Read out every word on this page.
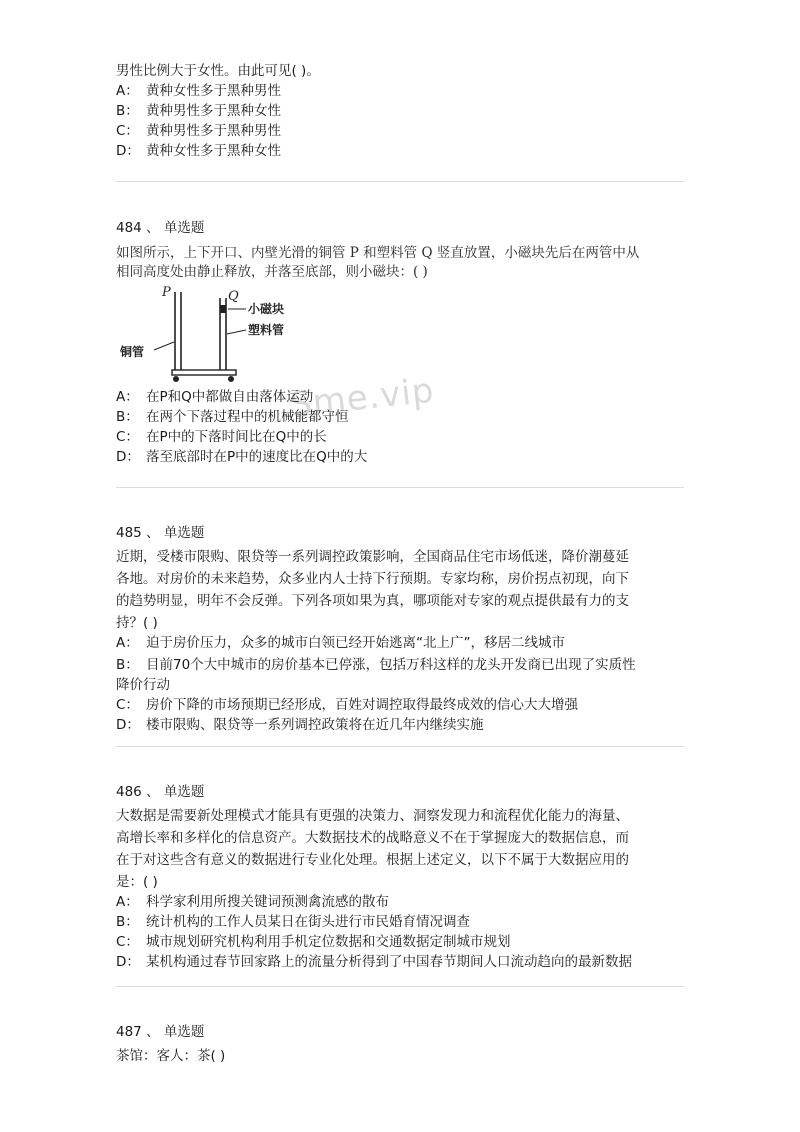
男性比例大于女性。由此可见( )。
A： 黄种女性多于黑种男性
B： 黄种男性多于黑种女性
C： 黄种男性多于黑种男性
D： 黄种女性多于黑种女性
484 、 单选题
如图所示，上下开口、内壁光滑的铜管 P 和塑料管 Q 竖直放置，小磁块先后在两管中从
相同高度处由静止释放，并落至底部，则小磁块：( )
P	Q
小磁块
塑料管
铜管
Sme.vip
A： 在P和Q中都做自由落体运动
B： 在两个下落过程中的机械能都守恒
C： 在P中的下落时间比在Q中的长
D： 落至底部时在P中的速度比在Q中的大
485 、 单选题
近期，受楼市限购、限贷等一系列调控政策影响，全国商品住宅市场低迷，降价潮蔓延
各地。对房价的未来趋势，众多业内人士持下行预期。专家均称，房价拐点初现，向下
的趋势明显，明年不会反弹。下列各项如果为真，哪项能对专家的观点提供最有力的支
持？( )
A： 迫于房价压力，众多的城市白领已经开始逃离“北上广”，移居二线城市
B： 目前70个大中城市的房价基本已停涨，包括万科这样的龙头开发商已出现了实质性
降价行动
C： 房价下降的市场预期已经形成，百姓对调控取得最终成效的信心大大增强
D： 楼市限购、限贷等一系列调控政策将在近几年内继续实施
486 、 单选题
大数据是需要新处理模式才能具有更强的决策力、洞察发现力和流程优化能力的海量、
高增长率和多样化的信息资产。大数据技术的战略意义不在于掌握庞大的数据信息，而
在于对这些含有意义的数据进行专业化处理。根据上述定义，以下不属于大数据应用的
是：( )
A： 科学家利用所搜关键词预测禽流感的散布
B： 统计机构的工作人员某日在街头进行市民婚育情况调查
C： 城市规划研究机构利用手机定位数据和交通数据定制城市规划
D： 某机构通过春节回家路上的流量分析得到了中国春节期间人口流动趋向的最新数据
487 、 单选题
茶馆：客人：茶( )
